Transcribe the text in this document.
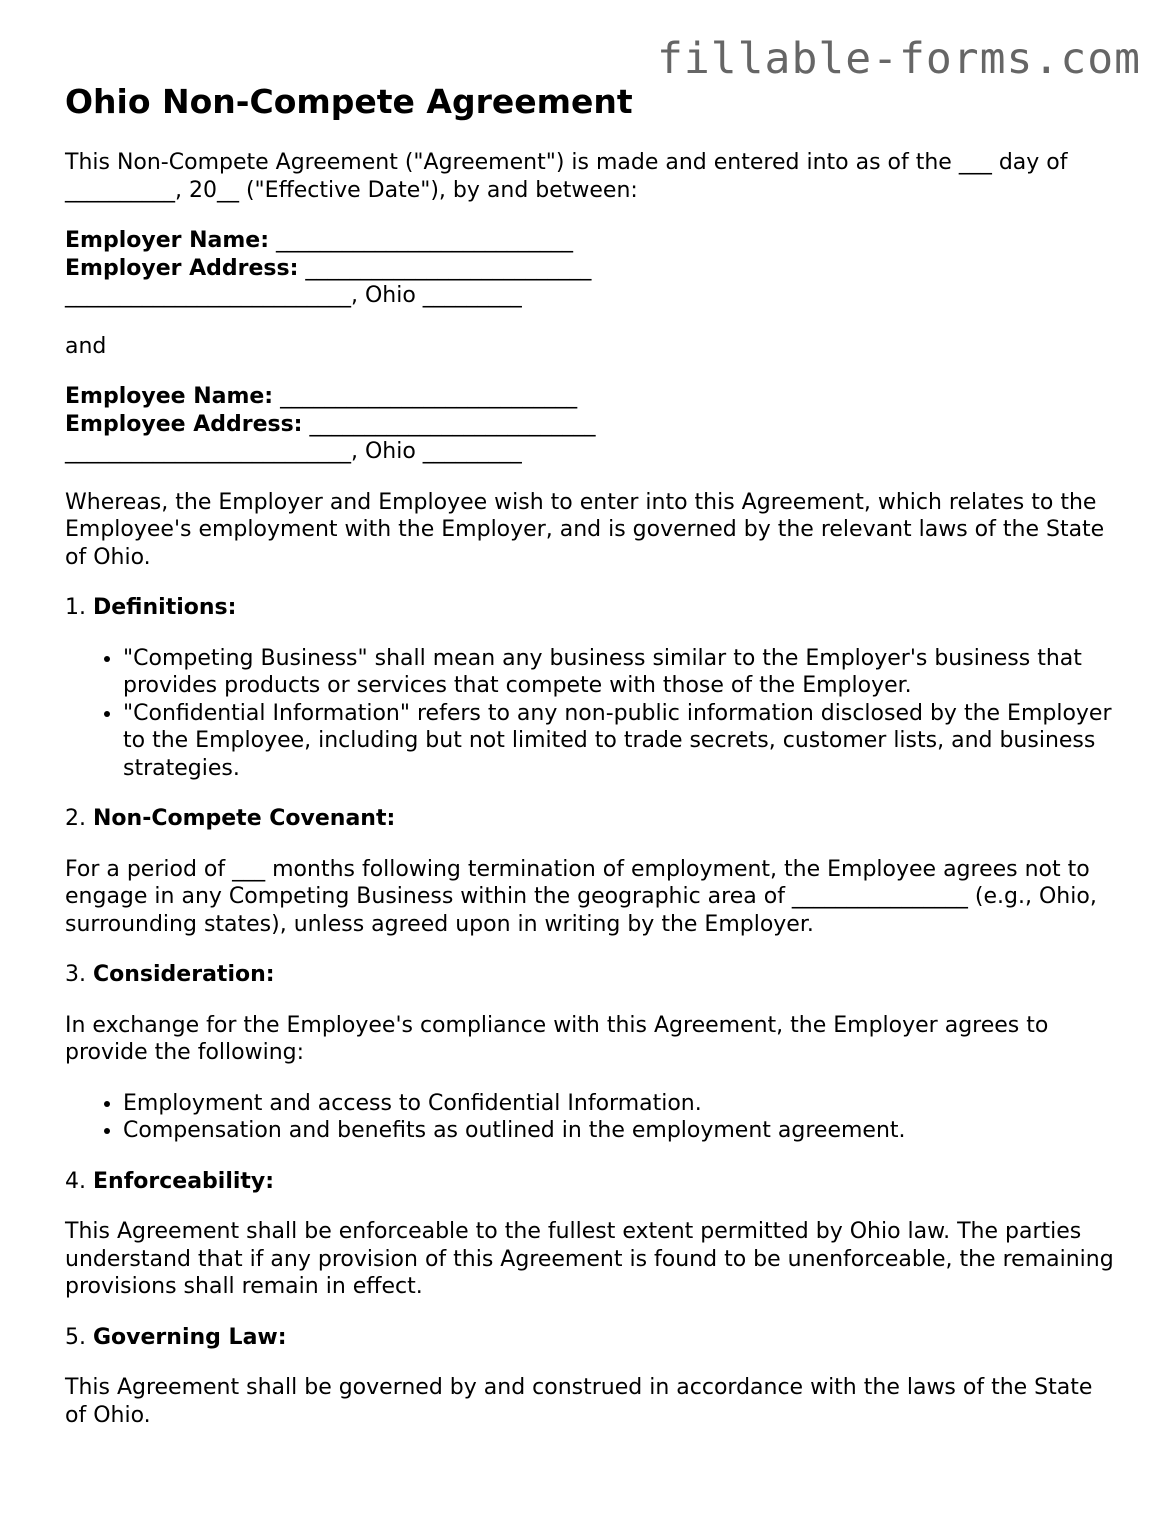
fillable-forms.com
Ohio Non-Compete Agreement

This Non-Compete Agreement ("Agreement") is made and entered into as of the ___ day of __________, 20__ ("Effective Date"), by and between:

Employer Name: ___________________________
Employer Address: __________________________
__________________________, Ohio _________

and

Employee Name: ___________________________
Employee Address: __________________________
__________________________, Ohio _________

Whereas, the Employer and Employee wish to enter into this Agreement, which relates to the Employee's employment with the Employer, and is governed by the relevant laws of the State of Ohio.

1. Definitions:
• "Competing Business" shall mean any business similar to the Employer's business that provides products or services that compete with those of the Employer.
• "Confidential Information" refers to any non-public information disclosed by the Employer to the Employee, including but not limited to trade secrets, customer lists, and business strategies.
2. Non-Compete Covenant:

For a period of ___ months following termination of employment, the Employee agrees not to engage in any Competing Business within the geographic area of ________________ (e.g., Ohio, surrounding states), unless agreed upon in writing by the Employer.

3. Consideration:

In exchange for the Employee's compliance with this Agreement, the Employer agrees to provide the following:

• Employment and access to Confidential Information.
• Compensation and benefits as outlined in the employment agreement.
4. Enforceability:

This Agreement shall be enforceable to the fullest extent permitted by Ohio law. The parties understand that if any provision of this Agreement is found to be unenforceable, the remaining provisions shall remain in effect.

5. Governing Law:

This Agreement shall be governed by and construed in accordance with the laws of the State of Ohio.
